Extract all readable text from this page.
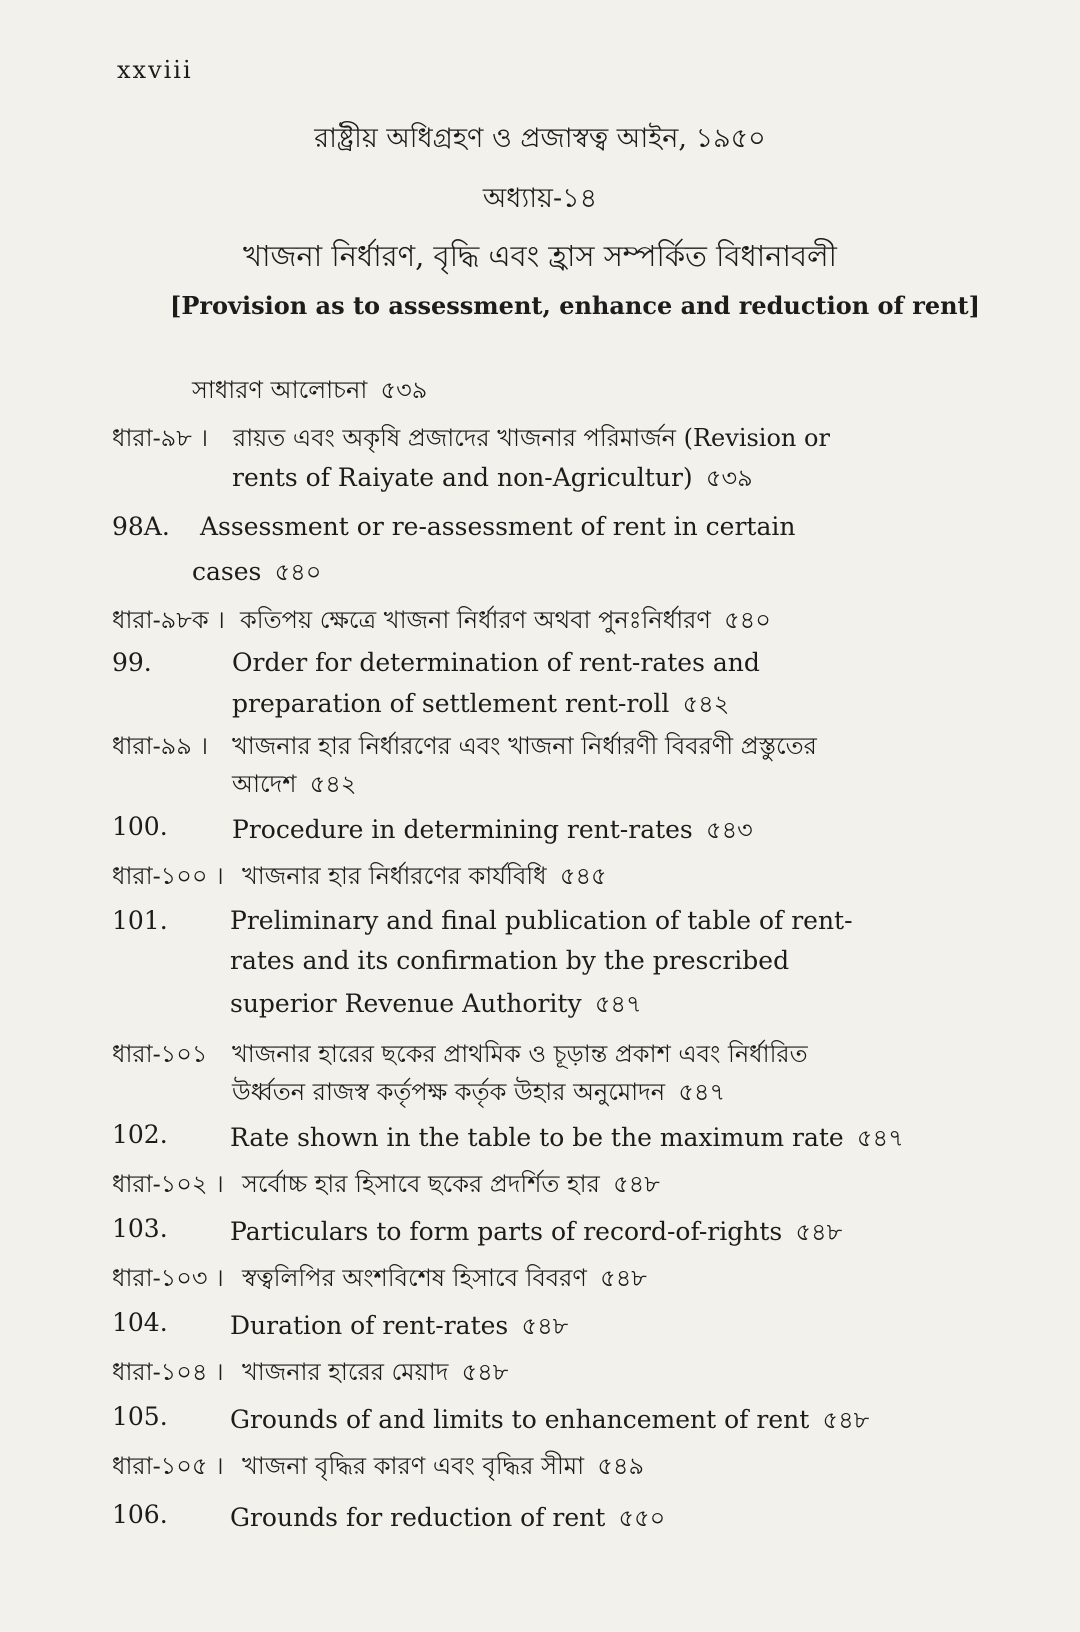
xxviii
রাষ্ট্রীয় অধিগ্রহণ ও প্রজাস্বত্ব আইন, ১৯৫০
অধ্যায়-১৪
খাজনা নির্ধারণ, বৃদ্ধি এবং হ্রাস সম্পর্কিত বিধানাবলী
[Provision as to assessment, enhance and reduction of rent]
সাধারণ আলোচনা ৫৩৯
ধারা-৯৮ । রায়ত এবং অকৃষি প্রজাদের খাজনার পরিমার্জন (Revision or
rents of Raiyate and non-Agricultur) ৫৩৯
98A. Assessment or re-assessment of rent in certain
cases ৫৪০
ধারা-৯৮ক । কতিপয় ক্ষেত্রে খাজনা নির্ধারণ অথবা পুনঃনির্ধারণ ৫৪০
99.	Order for determination of rent-rates and
preparation of settlement rent-roll ৫৪২
ধারা-৯৯ । খাজনার হার নির্ধারণের এবং খাজনা নির্ধারণী বিবরণী প্রস্তুতের
আদেশ ৫৪২
100.	Procedure in determining rent-rates ৫৪৩
ধারা-১০০ । খাজনার হার নির্ধারণের কার্যবিধি ৫৪৫
101. Preliminary and final publication of table of rent-
rates and its confirmation by the prescribed
superior Revenue Authority ৫৪৭
ধারা-১০১ খাজনার হারের ছকের প্রাথমিক ও চূড়ান্ত প্রকাশ এবং নির্ধারিত
উর্ধ্বতন রাজস্ব কর্তৃপক্ষ কর্তৃক উহার অনুমোদন ৫৪৭
102. Rate shown in the table to be the maximum rate ৫৪৭
ধারা-১০২ । সর্বোচ্চ হার হিসাবে ছকের প্রদর্শিত হার ৫৪৮
103. Particulars to form parts of record-of-rights ৫৪৮
ধারা-১০৩ । স্বত্বলিপির অংশবিশেষ হিসাবে বিবরণ ৫৪৮
104. Duration of rent-rates ৫৪৮
ধারা-১০৪ । খাজনার হারের মেয়াদ ৫৪৮
105. Grounds of and limits to enhancement of rent ৫৪৮
ধারা-১০৫ । খাজনা বৃদ্ধির কারণ এবং বৃদ্ধির সীমা ৫৪৯
106. Grounds for reduction of rent ৫৫০
